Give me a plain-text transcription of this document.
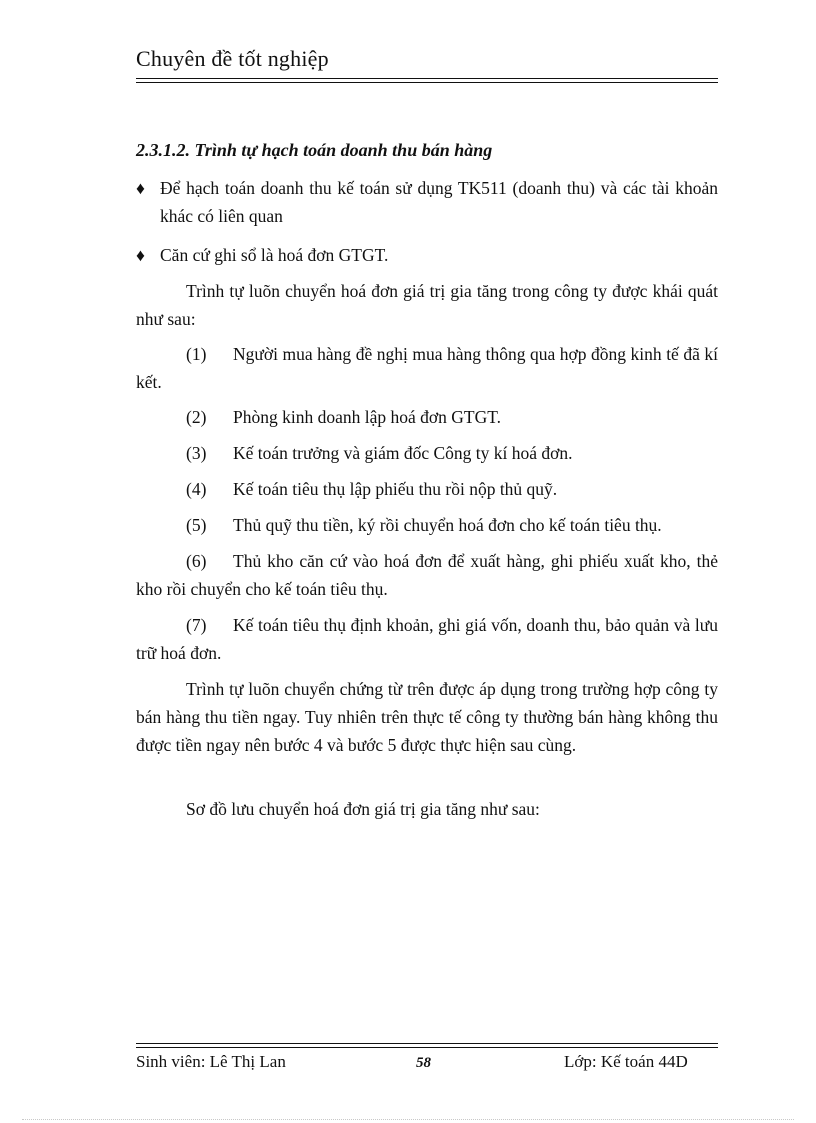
Chuyên đề tốt nghiệp
2.3.1.2. Trình tự hạch toán doanh thu bán hàng
♦ Để hạch toán doanh thu kế toán sử dụng TK511 (doanh thu) và các tài khoản khác có liên quan
♦ Căn cứ ghi sổ là hoá đơn GTGT.
Trình tự luõn chuyển hoá đơn giá trị gia tăng trong công ty được khái quát như sau:
(1) Người mua hàng đề nghị mua hàng thông qua hợp đồng kinh tế đã kí kết.
(2) Phòng kinh doanh lập hoá đơn GTGT.
(3) Kế toán trưởng và giám đốc Công ty kí hoá đơn.
(4) Kế toán tiêu thụ lập phiếu thu rồi nộp thủ quỹ.
(5) Thủ quỹ thu tiền, ký rồi chuyển hoá đơn cho kế toán tiêu thụ.
(6) Thủ kho căn cứ vào hoá đơn để xuất hàng, ghi phiếu xuất kho, thẻ kho rồi chuyển cho kế toán tiêu thụ.
(7) Kế toán tiêu thụ định khoản, ghi giá vốn, doanh thu, bảo quản và lưu trữ hoá đơn.
Trình tự luõn chuyển chứng từ trên được áp dụng trong trường hợp công ty bán hàng thu tiền ngay. Tuy nhiên trên thực tế công ty thường bán hàng không thu được tiền ngay nên bước 4 và bước 5 được thực hiện sau cùng.
Sơ đồ lưu chuyển hoá đơn giá trị gia tăng như sau:
Sinh viên: Lê Thị Lan	58	Lớp: Kế toán 44D
